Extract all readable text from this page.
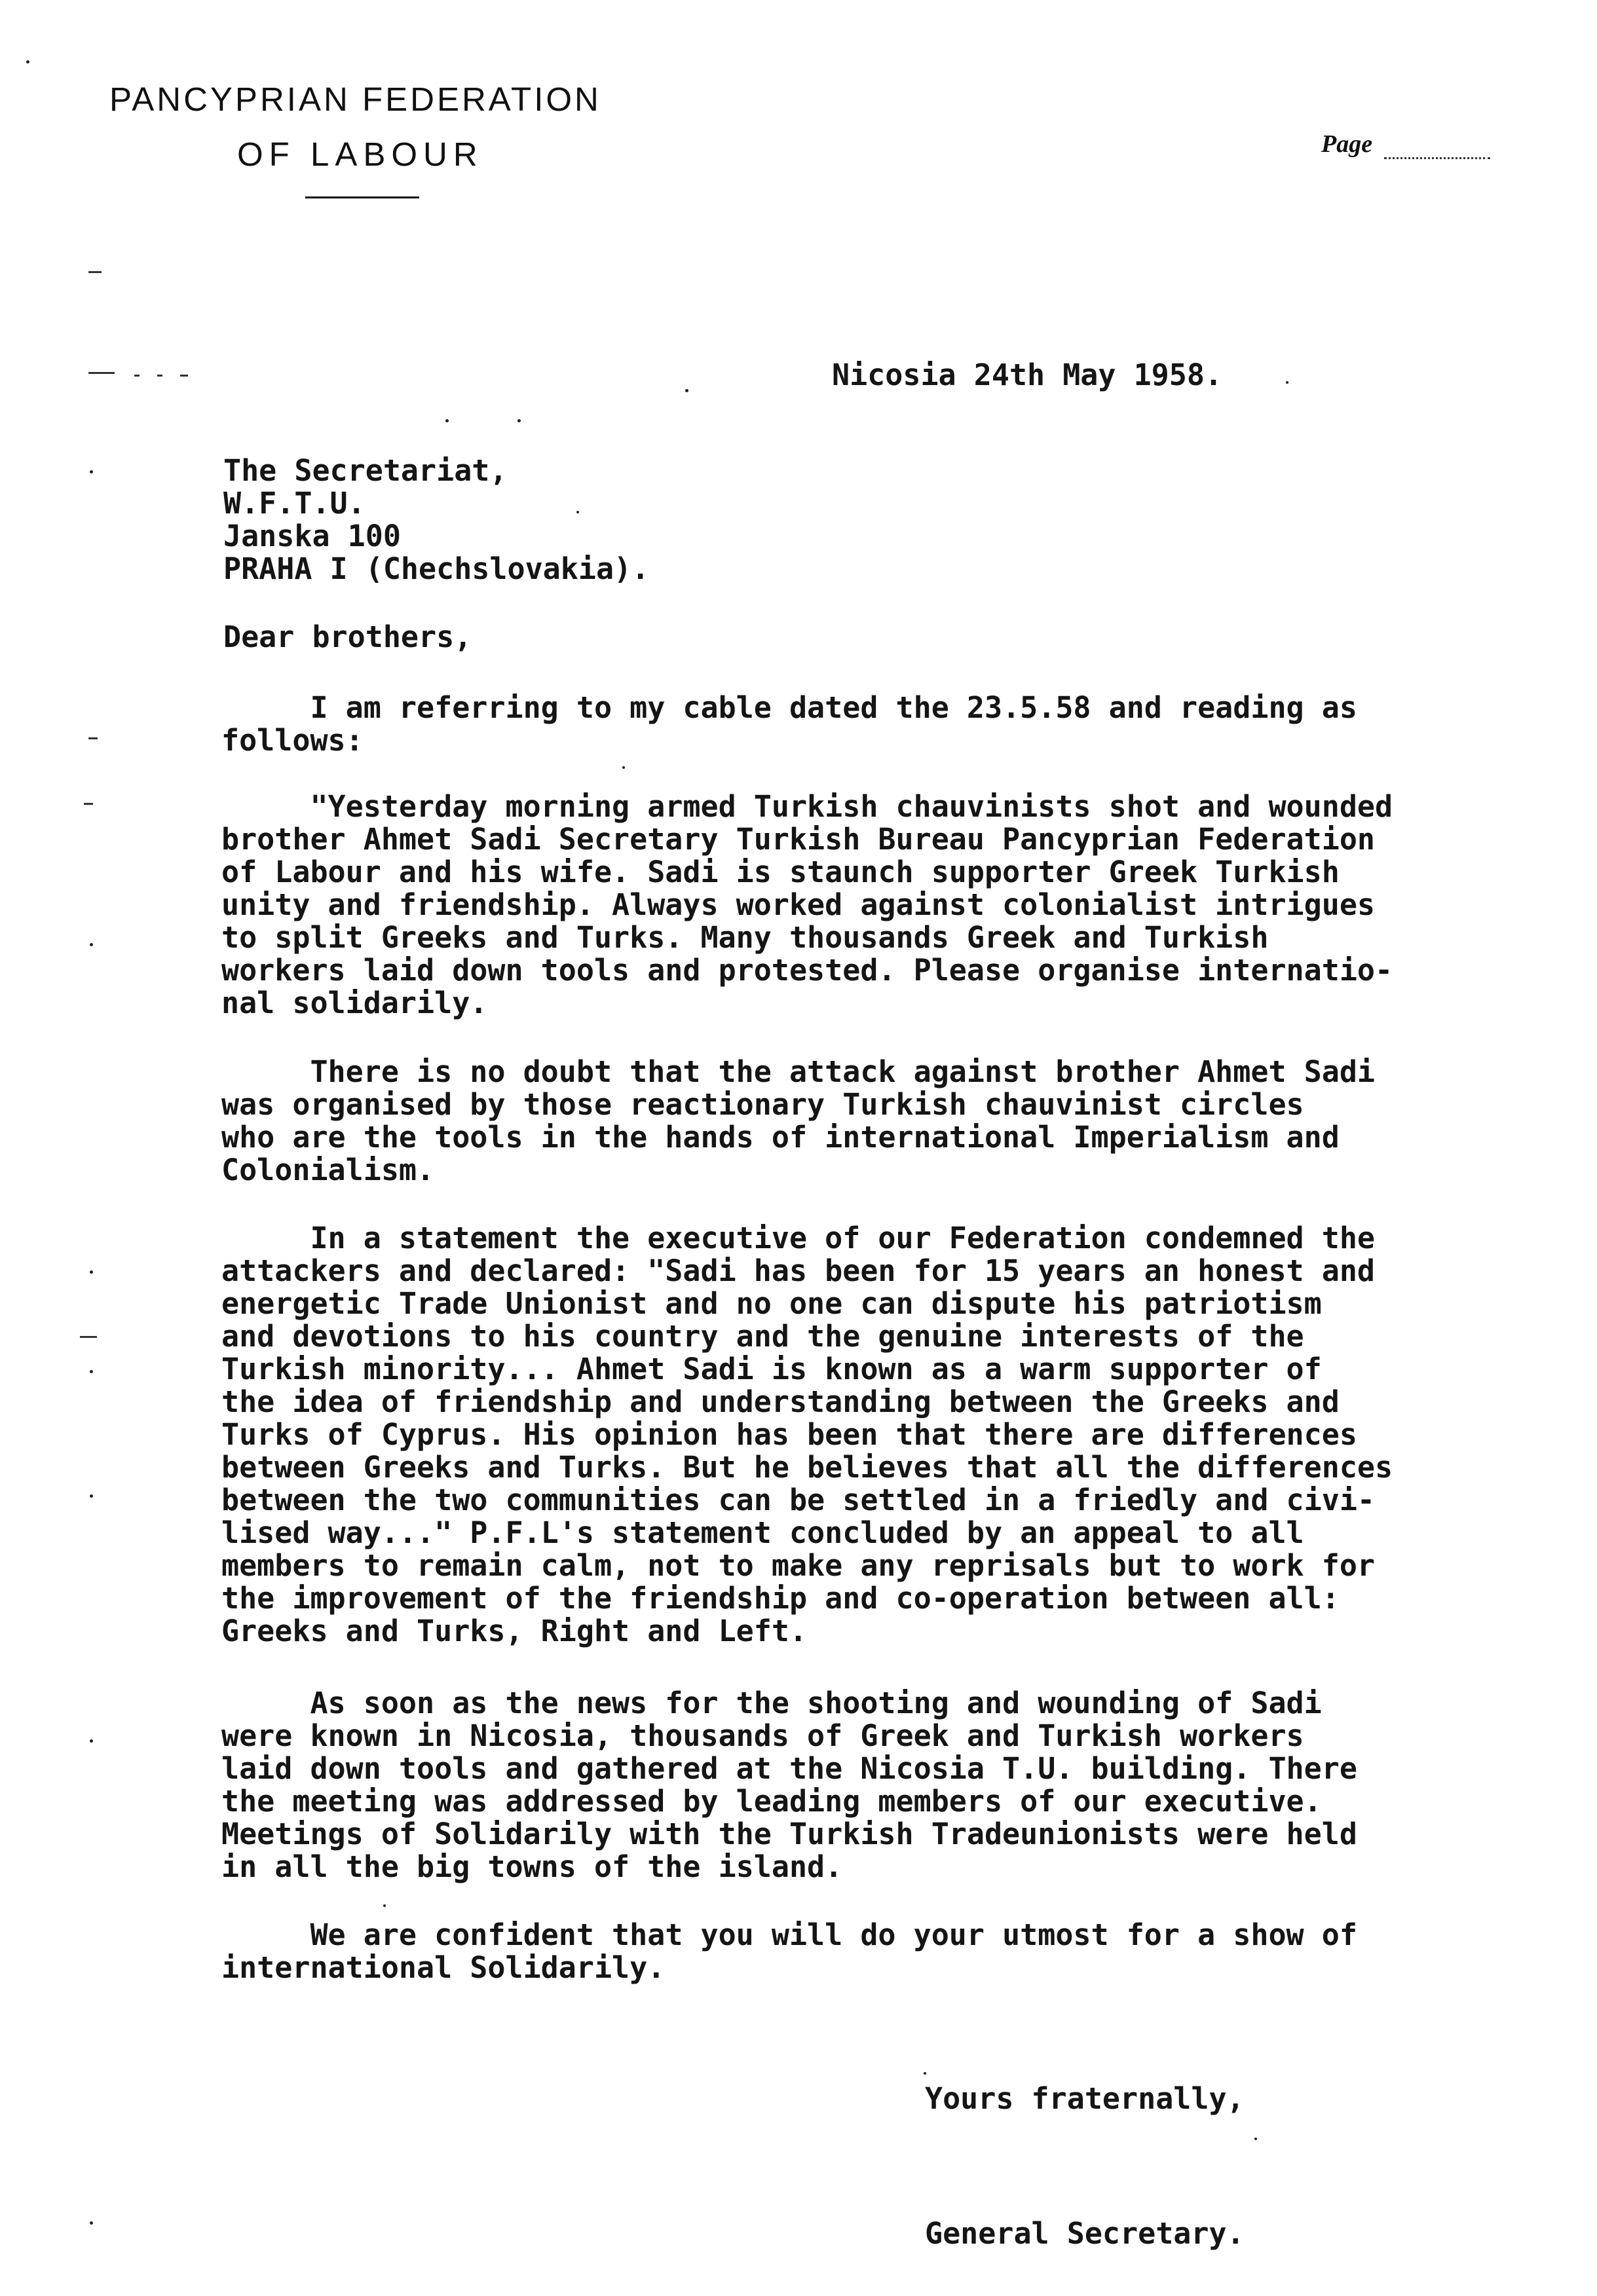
PANCYPRIAN FEDERATION
OF LABOUR	Page
Nicosia 24th May 1958.
The Secretariat,
W.F.T.U.
Janska 100
PRAHA I (Chechslovakia).
Dear brothers,
I am referring to my cable dated the 23.5.58 and reading as
follows:
"Yesterday morning armed Turkish chauvinists shot and wounded
brother Ahmet Sadi Secretary Turkish Bureau Pancyprian Federation
of Labour and his wife. Sadi is staunch supporter Greek Turkish
unity and friendship. Always worked against colonialist intrigues
to split Greeks and Turks. Many thousands Greek and Turkish
workers laid down tools and protested. Please organise internatio-
nal solidarily.
There is no doubt that the attack against brother Ahmet Sadi
was organised by those reactionary Turkish chauvinist circles
who are the tools in the hands of international Imperialism and
Colonialism.
In a statement the executive of our Federation condemned the
attackers and declared: "Sadi has been for 15 years an honest and
energetic Trade Unionist and no one can dispute his patriotism
and devotions to his country and the genuine interests of the
Turkish minority... Ahmet Sadi is known as a warm supporter of
the idea of friendship and understanding between the Greeks and
Turks of Cyprus. His opinion has been that there are differences
between Greeks and Turks. But he believes that all the differences
between the two communities can be settled in a friedly and civi-
lised way..." P.F.L's statement concluded by an appeal to all
members to remain calm, not to make any reprisals but to work for
the improvement of the friendship and co-operation between all:
Greeks and Turks, Right and Left.
As soon as the news for the shooting and wounding of Sadi
were known in Nicosia, thousands of Greek and Turkish workers
laid down tools and gathered at the Nicosia T.U. building. There
the meeting was addressed by leading members of our executive.
Meetings of Solidarily with the Turkish Tradeunionists were held
in all the big towns of the island.
We are confident that you will do your utmost for a show of
international Solidarily.
Yours fraternally,
General Secretary.
